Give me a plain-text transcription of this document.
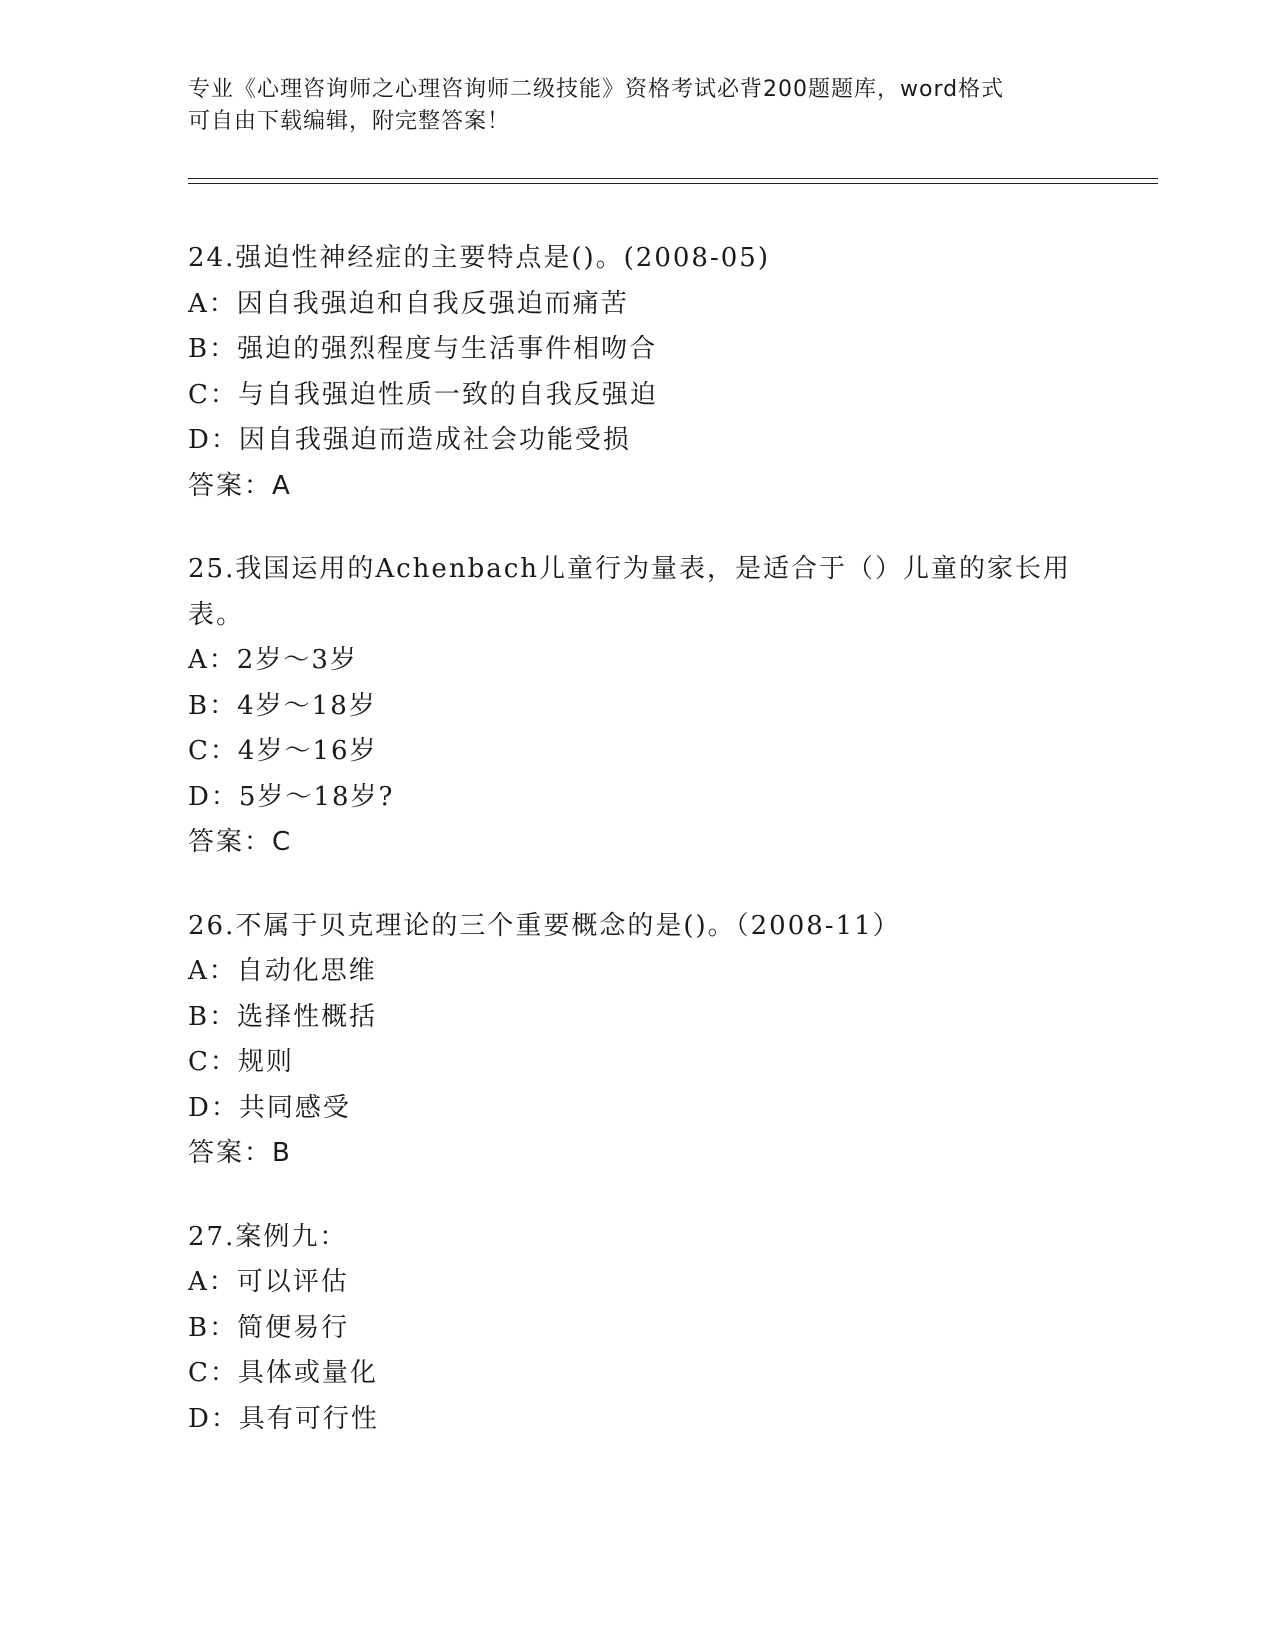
专业《心理咨询师之心理咨询师二级技能》资格考试必背200题题库，word格式
可自由下载编辑，附完整答案！
24.强迫性神经症的主要特点是()。(2008-05)
A：因自我强迫和自我反强迫而痛苦
B：强迫的强烈程度与生活事件相吻合
C：与自我强迫性质一致的自我反强迫
D：因自我强迫而造成社会功能受损
答案：A
25.我国运用的Achenbach儿童行为量表，是适合于（）儿童的家长用
表。
A：2岁～3岁
B：4岁～18岁
C：4岁～16岁
D：5岁～18岁?
答案：C
26.不属于贝克理论的三个重要概念的是()。（2008-11）
A：自动化思维
B：选择性概括
C：规则
D：共同感受
答案：B
27.案例九：
A：可以评估
B：简便易行
C：具体或量化
D：具有可行性
